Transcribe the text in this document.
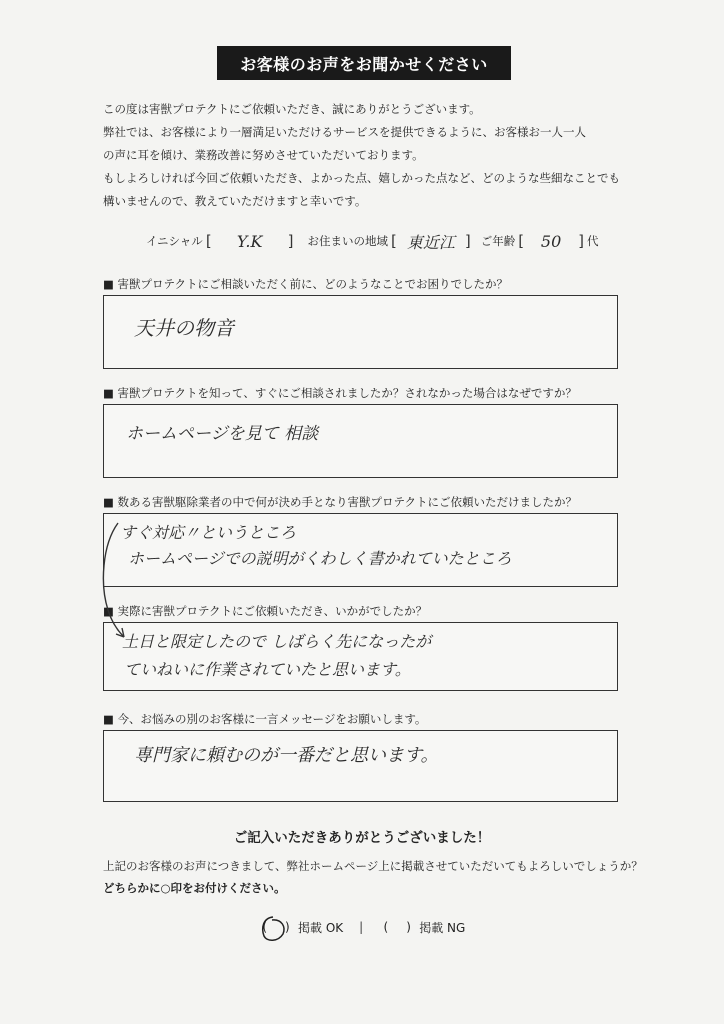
お客様のお声をお聞かせください

この度は害獣プロテクトにご依頼いただき、誠にありがとうございます。

弊社では、お客様により一層満足いただけるサービスを提供できるように、お客様お一人一人

の声に耳を傾け、業務改善に努めさせていただいております。

もしよろしければ今回ご依頼いただき、よかった点、嬉しかった点など、どのような些細なことでも

構いませんので、教えていただけますと幸いです。

イニシャル [	Y.K	] お住まいの地域 [ 東近江 ] ご年齢 [	50	] 代
■ 害獣プロテクトにご相談いただく前に、どのようなことでお困りでしたか？
天井の物音
■ 害獣プロテクトを知って、すぐにご相談されましたか？されなかった場合はなぜですか？
ホームページを見て 相談
■ 数ある害獣駆除業者の中で何が決め手となり害獣プロテクトにご依頼いただけましたか？
すぐ対応〃というところ
ホームページでの説明がくわしく書かれていたところ
■ 実際に害獣プロテクトにご依頼いただき、いかがでしたか？
土日と限定したので しばらく先になったが
ていねいに作業されていたと思います。
■ 今、お悩みの別のお客様に一言メッセージをお願いします。
専門家に頼むのが一番だと思います。
ご記入いただきありがとうございました！
上記のお客様のお声につきまして、弊社ホームページ上に掲載させていただいてもよろしいでしょうか？
どちらかに○印をお付けください。
( ) 掲載 OK |	( ) 掲載 NG
